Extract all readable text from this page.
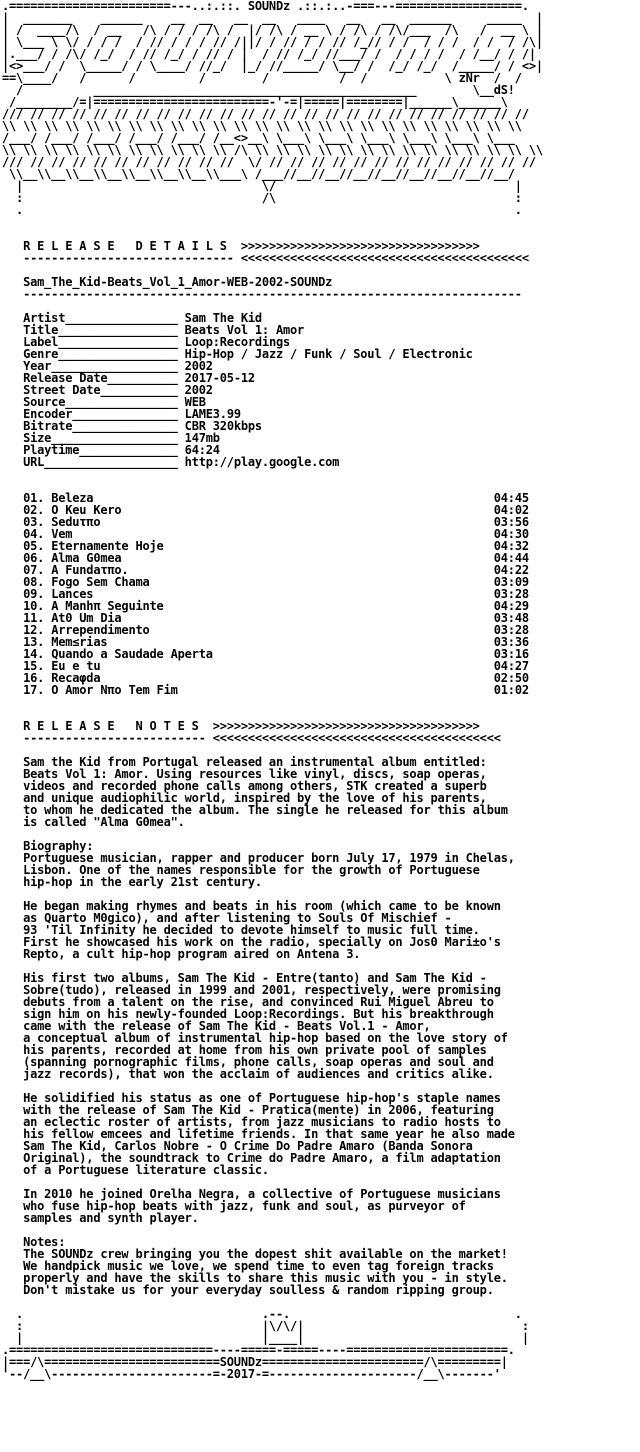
.=======================---..:.::. SOUNDz .::.:..-===---==================.
|  _______    ______    __  __   __  __   ____   __   __  ______     _____  |
| /  ____/\  / __   /\ / / / /\ /  |/ /\ / __ \ / /\ / /\/___  /\   /  __ \ |
| \___ \ \/ / / /  / // / / / // /||/ / // / / // /_// / /  / / /  / /  / /\|
|.___/ / /\/ /_/  / // /_/ / // / |  / // /_/ //___/ /  / / / /  / /__/ / /|
|<>___/ /  \_____/ / \____/ //_/  |_/ //_____/ \__/ /  /_/ /_/  /_____/ / <>|
==\____/   /      /         /        /          /  /           \ zNr  /  /
/          ______________________________________________        \__dS!
/________/=|=========================-'-=|=====|========|______\______\
/// // // // // // // // // // // // // // // // // // // // // // // // //
\\ \\ \\ \\ \\ \\ \\ \\ \\ \\ \\ \\ \\ \\ \\ \\ \\ \\ \\ \\ \\ \\ \\ \\ \\
/___/ /___/ /___/ /___/ /___/ /__<>__\ \___\ \___\ \___\ \___\ \___\ \___
\\ \\ \\ \\ \\ \\ \\ \\ \\ \\ \\ /\ \\ \\ \\ \\ \\ \\ \\ \\ \\ \\ \\ \\ \\ \\
/// // // // // // // // // // //  \/ // // // // // // // // // // // // //
\\__\\__\\__\\__\\__\\__\\__\\___\ /___//__//__//__//__//__//__//__//__/
|                                  \/                                  |
:                                  /\                                  :
.                                                                      .

R E L E A S E   D E T A I L S >>>>>>>>>>>>>>>>>>>>>>>>>>>>>>>>>>
------------------------------ <<<<<<<<<<<<<<<<<<<<<<<<<<<<<<<<<<<<<<<<<

Sam_The_Kid-Beats_Vol_1_Amor-WEB-2002-SOUNDz
-----------------------------------------------------------------------

Artist________________ Sam The Kid
Title_________________ Beats Vol 1: Amor
Label_________________ Loop:Recordings
Genre_________________ Hip-Hop / Jazz / Funk / Soul / Electronic
Year__________________ 2002
Release Date__________ 2017-05-12
Street Date___________ 2002
Source________________ WEB
Encoder_______________ LAME3.99
Bitrate_______________ CBR 320kbps
Size__________________ 147mb
Playtime______________ 64:24
URL___________________ http://play.google.com

01. Beleza	04:45
02. O Keu Kero	04:02
03. Seduτπo	03:56
04. Vem	04:30
05. Eternamente Hoje	04:32
06. Alma G0mea	04:44
07. A Fundaτπo.	04:22
08. Fogo Sem Chama	03:09
09. Lances	03:28
10. A Manhπ Seguinte	04:29
11. At0 Um Dia	03:48
12. Arrependimento	03:28
13. Mem≤rias	03:36
14. Quando a Saudade Aperta	03:16
15. Eu e tu	04:27
16. Recaφda	02:50
17. O Amor Nπo Tem Fim	01:02

R E L E A S E   N O T E S >>>>>>>>>>>>>>>>>>>>>>>>>>>>>>>>>>>>>>
-------------------------- <<<<<<<<<<<<<<<<<<<<<<<<<<<<<<<<<<<<<<<<<

Sam the Kid from Portugal released an instrumental album entitled:
Beats Vol 1: Amor. Using resources like vinyl, discs, soap operas,
videos and recorded phone calls among others, STK created a superb
and unique audiophilic world, inspired by the love of his parents,
to whom he dedicated the album. The single he released for this album
is called "Alma G0mea".

Biography:
Portuguese musician, rapper and producer born July 17, 1979 in Chelas,
Lisbon. One of the names responsible for the growth of Portuguese
hip-hop in the early 21st century.

He began making rhymes and beats in his room (which came to be known
as Quarto M0gico), and after listening to Souls Of Mischief -
93 'Til Infinity he decided to devote himself to music full time.
First he showcased his work on the radio, specially on Jos0 Mari±o's
Repto, a cult hip-hop program aired on Antena 3.

His first two albums, Sam The Kid - Entre(tanto) and Sam The Kid -
Sobre(tudo), released in 1999 and 2001, respectively, were promising
debuts from a talent on the rise, and convinced Rui Miguel Abreu to
sign him on his newly-founded Loop:Recordings. But his breakthrough
came with the release of Sam The Kid - Beats Vol.1 - Amor,
a conceptual album of instrumental hip-hop based on the love story of
his parents, recorded at home from his own private pool of samples
(spanning pornographic films, phone calls, soap operas and soul and
jazz records), that won the acclaim of audiences and critics alike.

He solidified his status as one of Portuguese hip-hop's staple names
with the release of Sam The Kid - Pratica(mente) in 2006, featuring
an eclectic roster of artists, from jazz musicians to radio hosts to
his fellow emcees and lifetime friends. In that same year he also made
Sam The Kid, Carlos Nobre - O Crime Do Padre Amaro (Banda Sonora
Original), the soundtrack to Crime do Padre Amaro, a film adaptation
of a Portuguese literature classic.

In 2010 he joined Orelha Negra, a collective of Portuguese musicians
who fuse hip-hop beats with jazz, funk and soul, as purveyor of
samples and synth player.

Notes:
The SOUNDz crew bringing you the dopest shit available on the market!
We handpick music we love, we spend time to even tag foreign tracks
properly and have the skills to share this music with you - in style.
Don't mistake us for your everyday soulless & random ripping group.

.                                  .--.                                .
:                                  |\/\/|                               :
|                                  |____|                               |
.=============================----=====-=====----=======================.
|===/\=========================SOUNDz=======================/\=========|
'--/__\-----------------------=-2017-=---------------------/__\-------'
